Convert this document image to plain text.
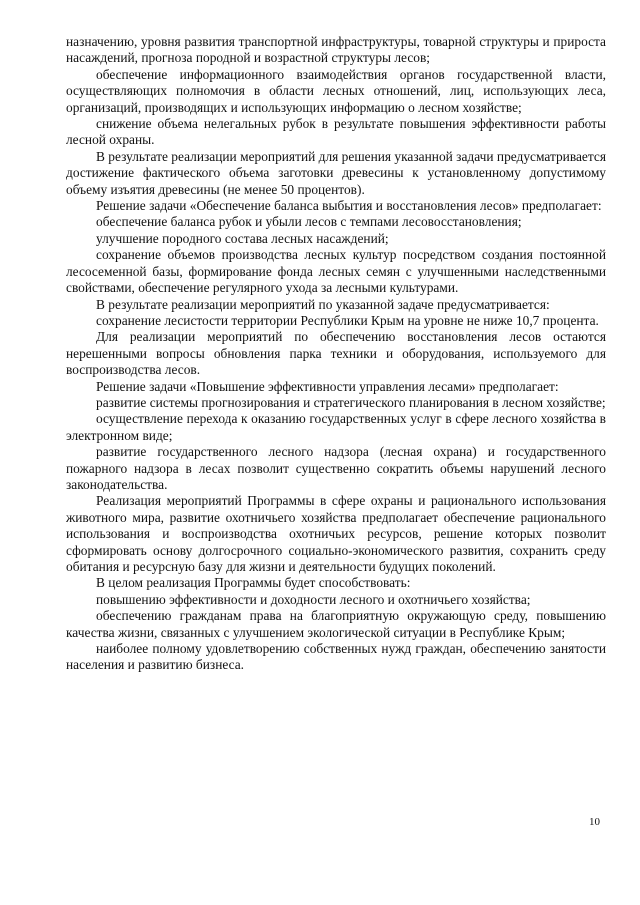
назначению, уровня развития транспортной инфраструктуры, товарной структуры и прироста насаждений, прогноза породной и возрастной структуры лесов;

обеспечение информационного взаимодействия органов государственной власти, осуществляющих полномочия в области лесных отношений, лиц, использующих леса, организаций, производящих и использующих информацию о лесном хозяйстве;

снижение объема нелегальных рубок в результате повышения эффективности работы лесной охраны.

В результате реализации мероприятий для решения указанной задачи предусматривается достижение фактического объема заготовки древесины к установленному допустимому объему изъятия древесины (не менее 50 процентов).

Решение задачи «Обеспечение баланса выбытия и восстановления лесов» предполагает:

обеспечение баланса рубок и убыли лесов с темпами лесовосстановления;

улучшение породного состава лесных насаждений;

сохранение объемов производства лесных культур посредством создания постоянной лесосеменной базы, формирование фонда лесных семян с улучшенными наследственными свойствами, обеспечение регулярного ухода за лесными культурами.

В результате реализации мероприятий по указанной задаче предусматривается:

сохранение лесистости территории Республики Крым на уровне не ниже 10,7 процента.

Для реализации мероприятий по обеспечению восстановления лесов остаются нерешенными вопросы обновления парка техники и оборудования, используемого для воспроизводства лесов.

Решение задачи «Повышение эффективности управления лесами» предполагает:

развитие системы прогнозирования и стратегического планирования в лесном хозяйстве;

осуществление перехода к оказанию государственных услуг в сфере лесного хозяйства в электронном виде;

развитие государственного лесного надзора (лесная охрана) и государственного пожарного надзора в лесах позволит существенно сократить объемы нарушений лесного законодательства.

Реализация мероприятий Программы в сфере охраны и рационального использования животного мира, развитие охотничьего хозяйства предполагает обеспечение рационального использования и воспроизводства охотничьих ресурсов, решение которых позволит сформировать основу долгосрочного социально-экономического развития, сохранить среду обитания и ресурсную базу для жизни и деятельности будущих поколений.

В целом реализация Программы будет способствовать:

повышению эффективности и доходности лесного и охотничьего хозяйства;

обеспечению гражданам права на благоприятную окружающую среду, повышению качества жизни, связанных с улучшением экологической ситуации в Республике Крым;

наиболее полному удовлетворению собственных нужд граждан, обеспечению занятости населения и развитию бизнеса.

10
